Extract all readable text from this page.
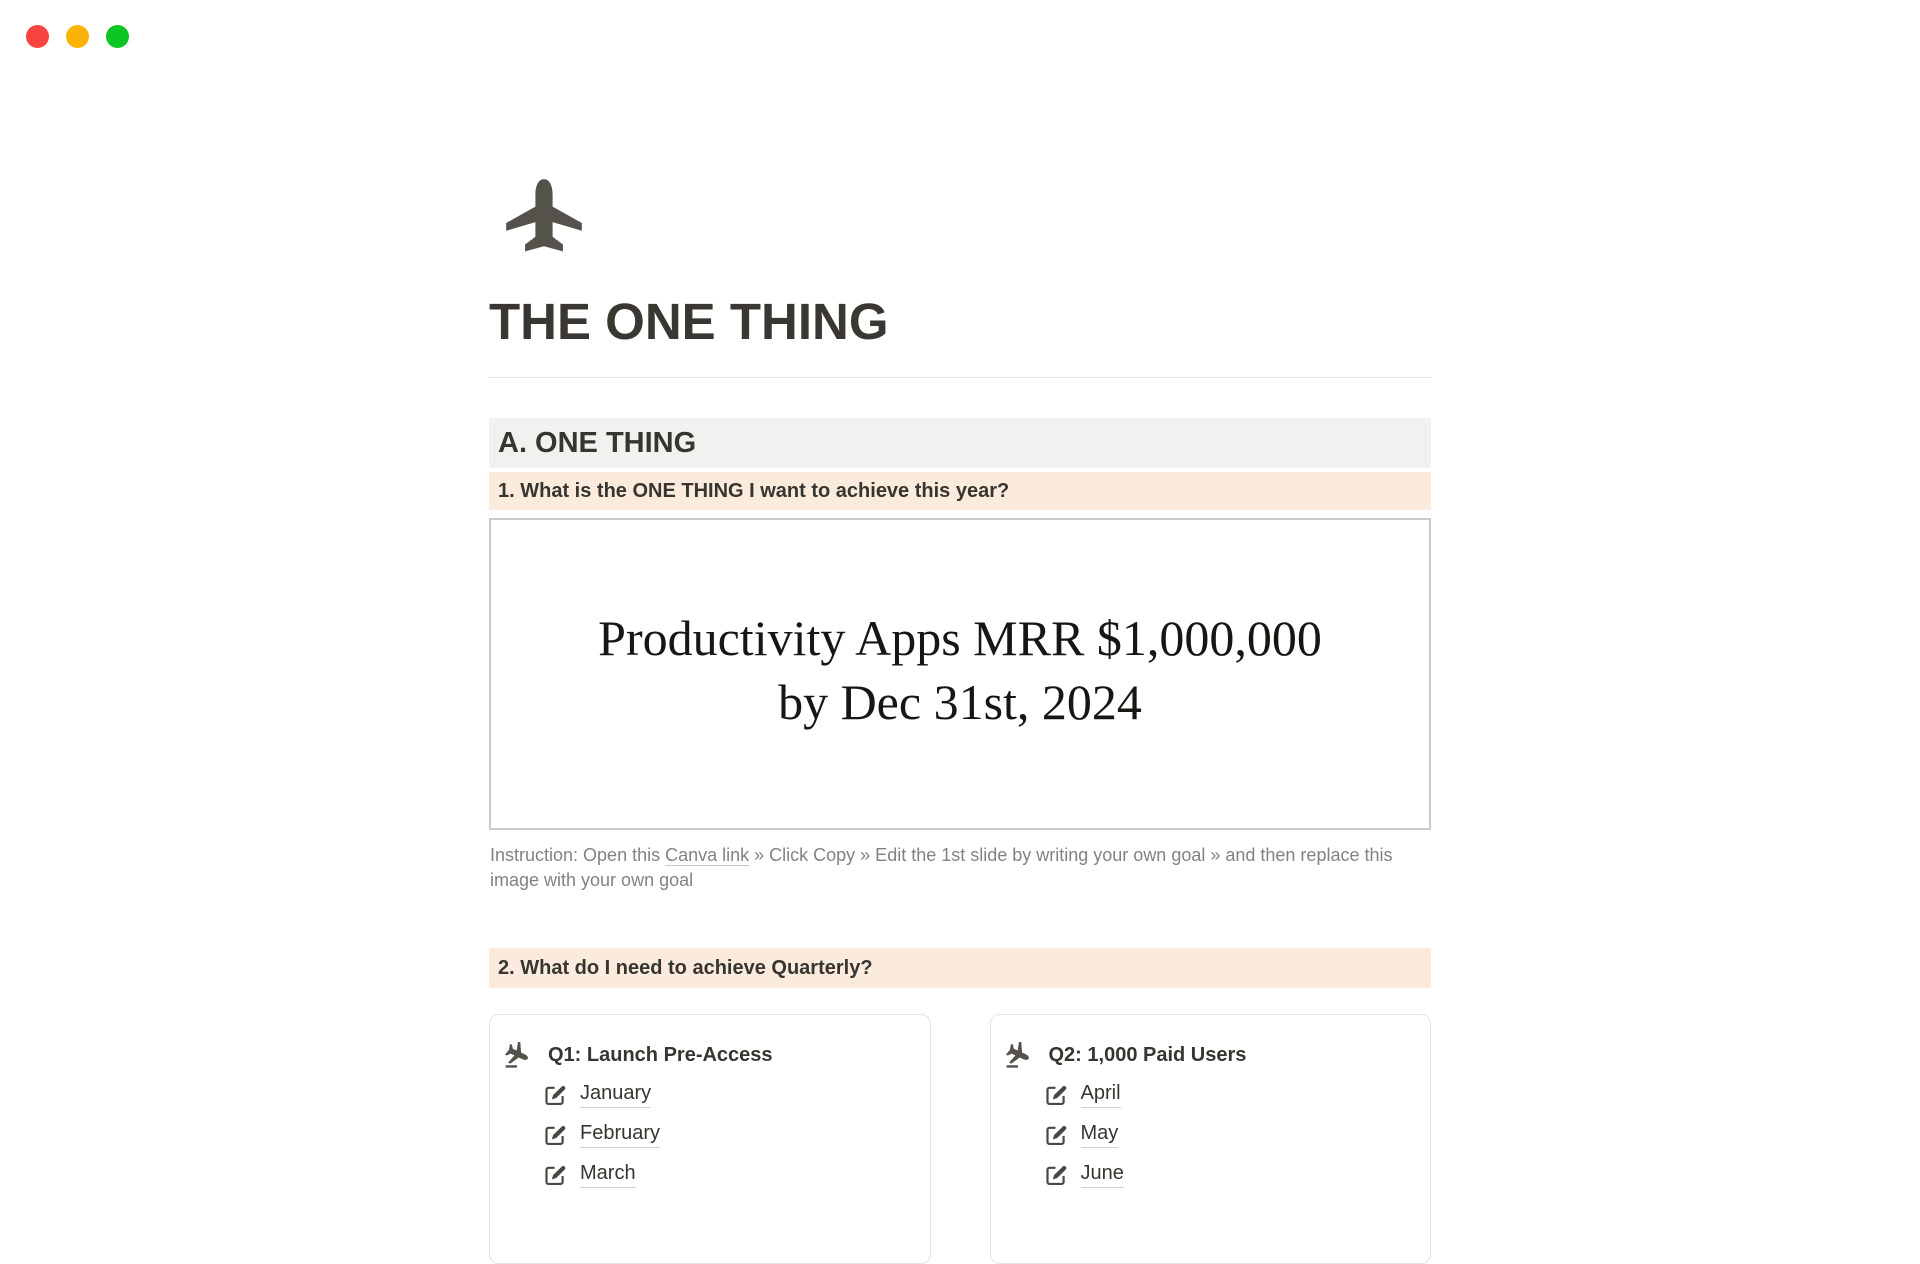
THE ONE THING
A. ONE THING
1. What is the ONE THING I want to achieve this year?
Productivity Apps MRR $1,000,000
by Dec 31st, 2024
Instruction: Open this Canva link » Click Copy » Edit the 1st slide by writing your own goal » and then replace this image with your own goal
2. What do I need to achieve Quarterly?
Q1: Launch Pre-Access
January
February
March
Q2: 1,000 Paid Users
April
May
June
